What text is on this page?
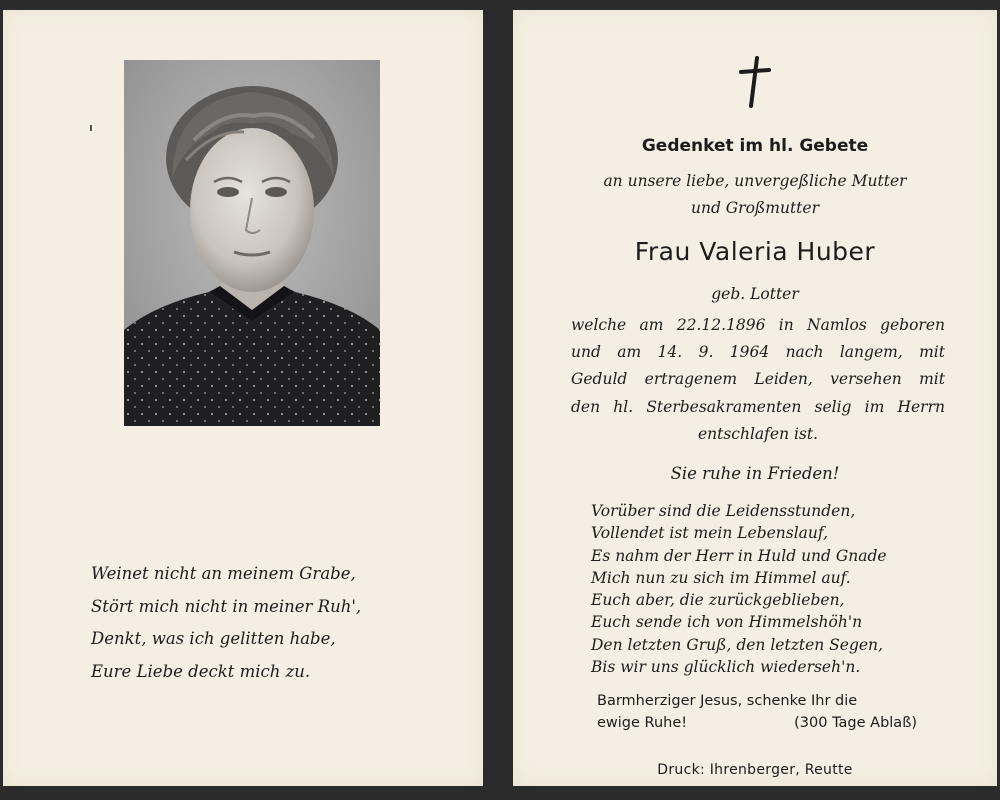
Weinet nicht an meinem Grabe,
Stört mich nicht in meiner Ruh',
Denkt, was ich gelitten habe,
Eure Liebe deckt mich zu.
Gedenket im hl. Gebete
an unsere liebe, unvergeßliche Mutter
und Großmutter
Frau Valeria Huber
geb. Lotter
welche am 22.12.1896 in Namlos geboren
und am 14. 9. 1964 nach langem, mit
Geduld ertragenem Leiden, versehen mit
den hl. Sterbesakramenten selig im Herrn
entschlafen ist.
Sie ruhe in Frieden!
Vorüber sind die Leidensstunden,
Vollendet ist mein Lebenslauf,
Es nahm der Herr in Huld und Gnade
Mich nun zu sich im Himmel auf.
Euch aber, die zurückgeblieben,
Euch sende ich von Himmelshöh'n
Den letzten Gruß, den letzten Segen,
Bis wir uns glücklich wiederseh'n.
Barmherziger Jesus, schenke Ihr die
ewige Ruhe!	(300 Tage Ablaß)
Druck: Ihrenberger, Reutte
